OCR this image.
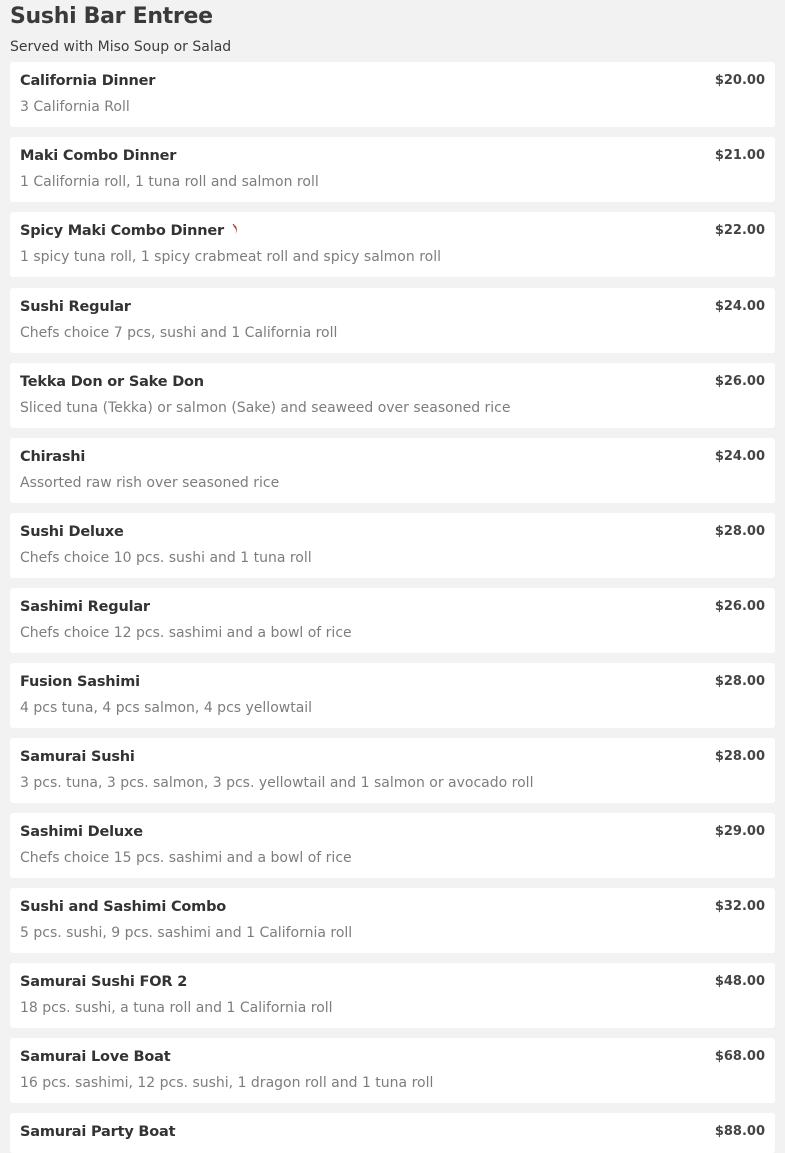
Sushi Bar Entree
Served with Miso Soup or Salad
California Dinner	$20.00
3 California Roll
Maki Combo Dinner	$21.00
1 California roll, 1 tuna roll and salmon roll
Spicy Maki Combo Dinner	$22.00
1 spicy tuna roll, 1 spicy crabmeat roll and spicy salmon roll
Sushi Regular	$24.00
Chefs choice 7 pcs, sushi and 1 California roll
Tekka Don or Sake Don	$26.00
Sliced tuna (Tekka) or salmon (Sake) and seaweed over seasoned rice
Chirashi	$24.00
Assorted raw rish over seasoned rice
Sushi Deluxe	$28.00
Chefs choice 10 pcs. sushi and 1 tuna roll
Sashimi Regular	$26.00
Chefs choice 12 pcs. sashimi and a bowl of rice
Fusion Sashimi	$28.00
4 pcs tuna, 4 pcs salmon, 4 pcs yellowtail
Samurai Sushi	$28.00
3 pcs. tuna, 3 pcs. salmon, 3 pcs. yellowtail and 1 salmon or avocado roll
Sashimi Deluxe	$29.00
Chefs choice 15 pcs. sashimi and a bowl of rice
Sushi and Sashimi Combo	$32.00
5 pcs. sushi, 9 pcs. sashimi and 1 California roll
Samurai Sushi FOR 2	$48.00
18 pcs. sushi, a tuna roll and 1 California roll
Samurai Love Boat	$68.00
16 pcs. sashimi, 12 pcs. sushi, 1 dragon roll and 1 tuna roll
Samurai Party Boat	$88.00
